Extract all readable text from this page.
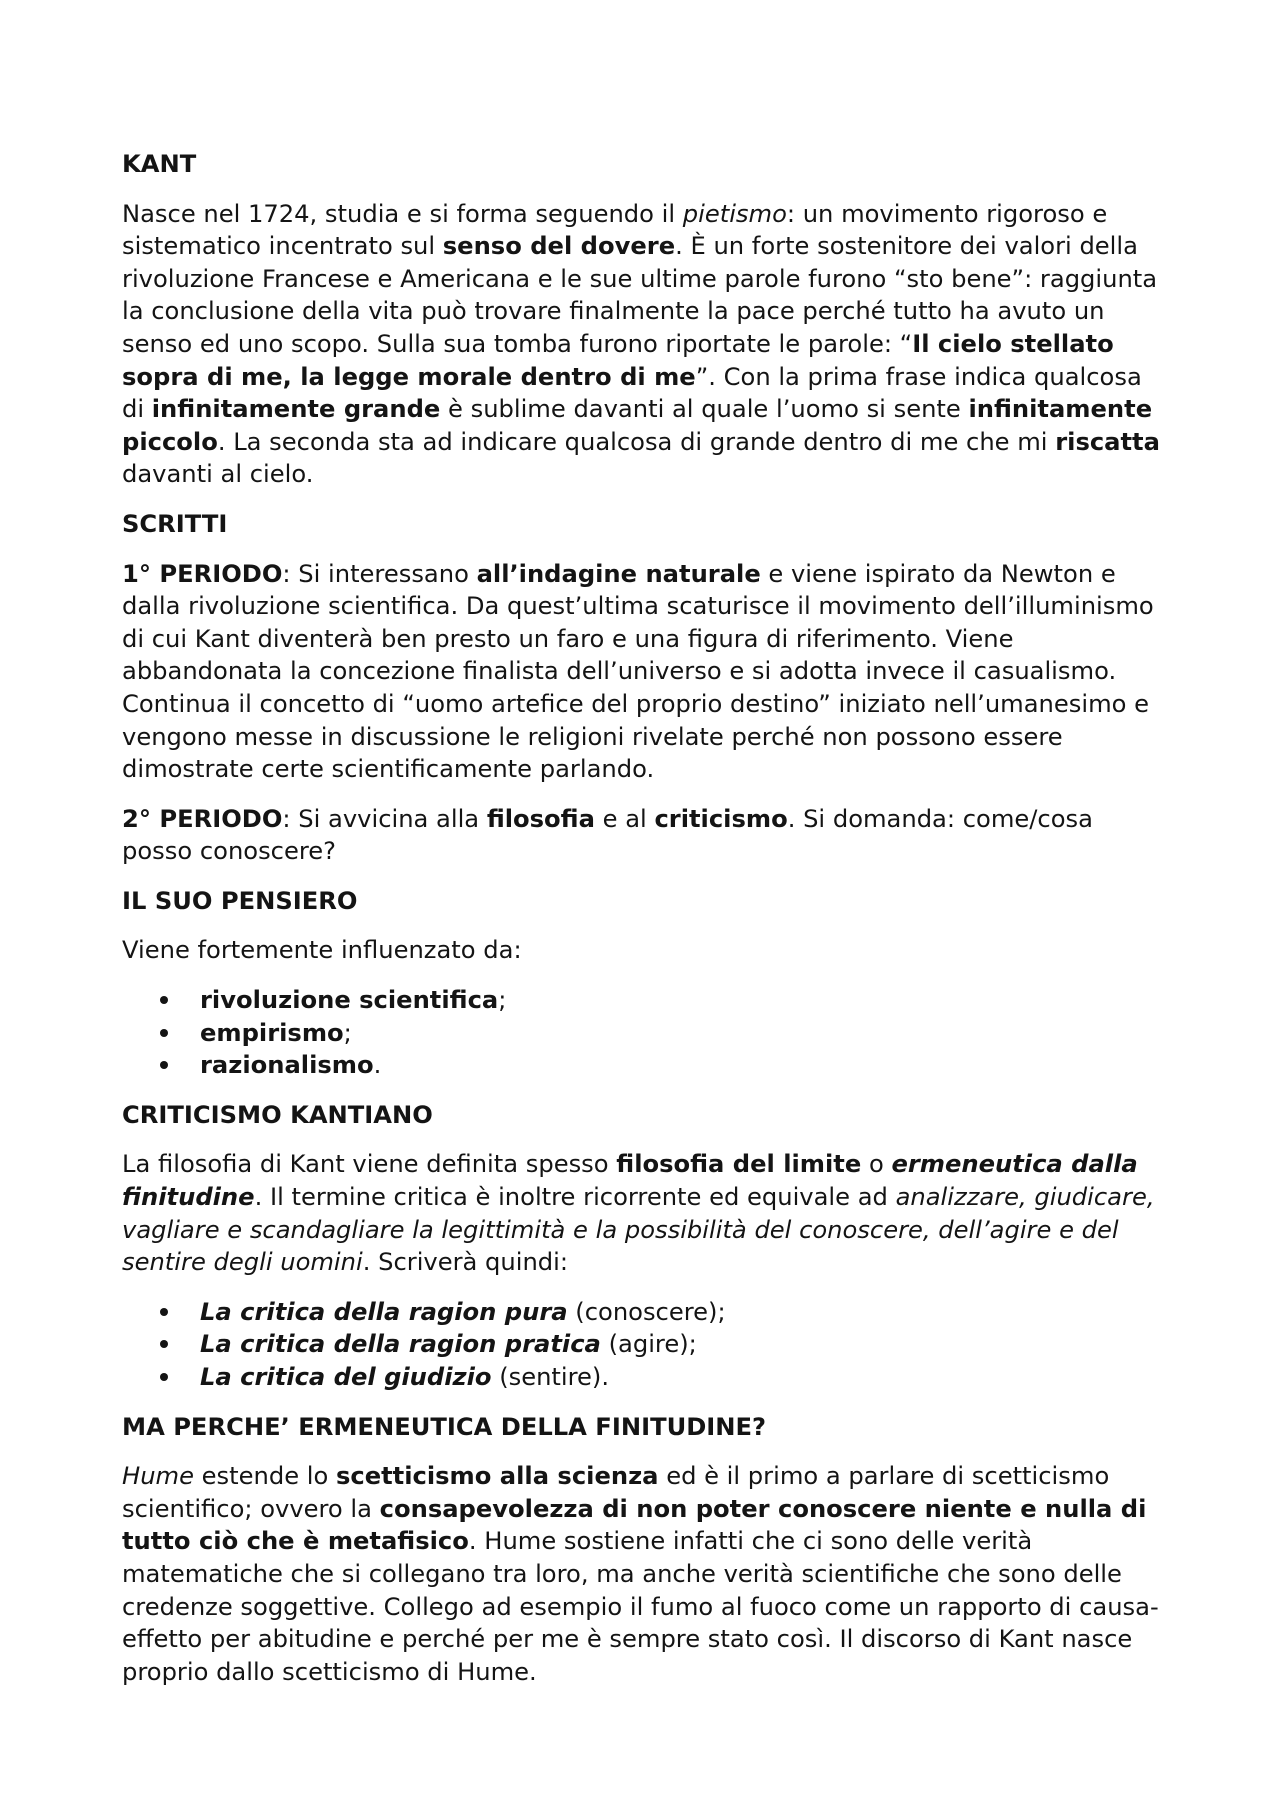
KANT

Nasce nel 1724, studia e si forma seguendo il pietismo: un movimento rigoroso e sistematico incentrato sul senso del dovere. È un forte sostenitore dei valori della rivoluzione Francese e Americana e le sue ultime parole furono “sto bene”: raggiunta la conclusione della vita può trovare finalmente la pace perché tutto ha avuto un senso ed uno scopo. Sulla sua tomba furono riportate le parole: “Il cielo stellato sopra di me, la legge morale dentro di me”. Con la prima frase indica qualcosa di infinitamente grande è sublime davanti al quale l’uomo si sente infinitamente piccolo. La seconda sta ad indicare qualcosa di grande dentro di me che mi riscatta davanti al cielo.

SCRITTI

1° PERIODO: Si interessano all’indagine naturale e viene ispirato da Newton e dalla rivoluzione scientifica. Da quest’ultima scaturisce il movimento dell’illuminismo di cui Kant diventerà ben presto un faro e una figura di riferimento. Viene abbandonata la concezione finalista dell’universo e si adotta invece il casualismo. Continua il concetto di “uomo artefice del proprio destino” iniziato nell’umanesimo e vengono messe in discussione le religioni rivelate perché non possono essere dimostrate certe scientificamente parlando.

2° PERIODO: Si avvicina alla filosofia e al criticismo. Si domanda: come/cosa posso conoscere?

IL SUO PENSIERO

Viene fortemente influenzato da:

rivoluzione scientifica;
empirismo;
razionalismo.
CRITICISMO KANTIANO

La filosofia di Kant viene definita spesso filosofia del limite o ermeneutica dalla finitudine. Il termine critica è inoltre ricorrente ed equivale ad analizzare, giudicare, vagliare e scandagliare la legittimità e la possibilità del conoscere, dell’agire e del sentire degli uomini. Scriverà quindi:

La critica della ragion pura (conoscere);
La critica della ragion pratica (agire);
La critica del giudizio (sentire).
MA PERCHE’ ERMENEUTICA DELLA FINITUDINE?

Hume estende lo scetticismo alla scienza ed è il primo a parlare di scetticismo scientifico; ovvero la consapevolezza di non poter conoscere niente e nulla di tutto ciò che è metafisico. Hume sostiene infatti che ci sono delle verità matematiche che si collegano tra loro, ma anche verità scientifiche che sono delle credenze soggettive. Collego ad esempio il fumo al fuoco come un rapporto di causa-effetto per abitudine e perché per me è sempre stato così. Il discorso di Kant nasce proprio dallo scetticismo di Hume.
